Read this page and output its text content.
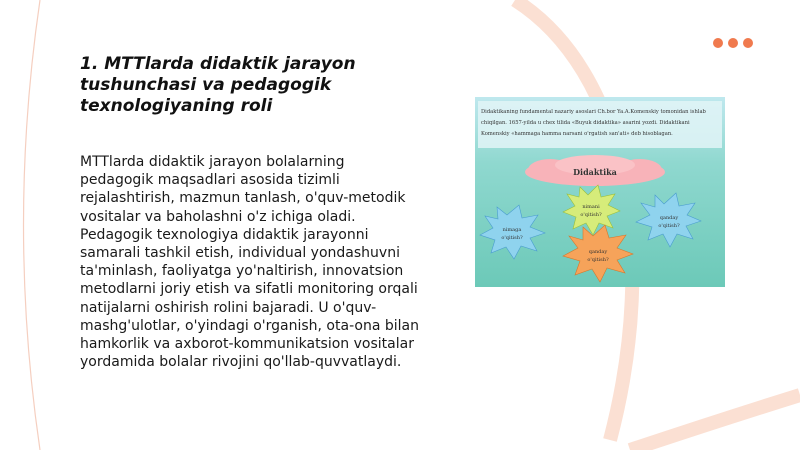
1. MTTlarda didaktik jarayon tushunchasi va pedagogik texnologiyaning roli

MTTlarda didaktik jarayon bolalarning pedagogik maqsadlari asosida tizimli rejalashtirish, mazmun tanlash, o'quv-metodik vositalar va baholashni o'z ichiga oladi. Pedagogik texnologiya didaktik jarayonni samarali tashkil etish, individual yondashuvni ta'minlash, faoliyatga yo'naltirish, innovatsion metodlarni joriy etish va sifatli monitoring orqali natijalarni oshirish rolini bajaradi. U o'quv-mashg'ulotlar, o'yindagi o'rganish, ota-ona bilan hamkorlik va axborot-kommunikatsion vositalar yordamida bolalar rivojini qo'llab-quvvatlaydi.

Didaktikaning fundamental nazariy asoslari Ch.bor Ya.A.Komenskiy tomonidan ishlab
chiqilgan. 1657-yilda u chex tilida «Buyuk didaktika» asarini yozdi. Didaktikani
Komenskiy «hammaga hamma narsani o'rgatish san'ati» deb hisoblagan.
Didaktika
nimani
o'qitish?	qanday
o'qitish?
nimaga
o'qitish?
qanday
o'qitish?
